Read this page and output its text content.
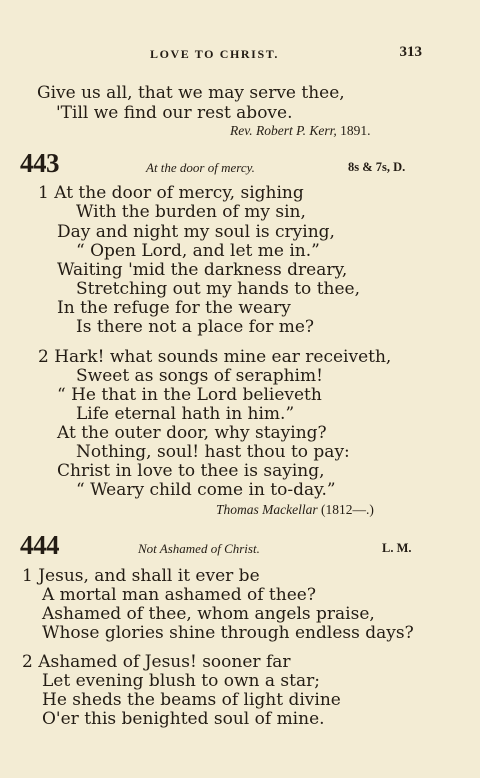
LOVE TO CHRIST.	313
Give us all, that we may serve thee,
'Till we find our rest above.
Rev. Robert P. Kerr, 1891.
443	At the door of mercy.	8s & 7s, D.
1 At the door of mercy, sighing
With the burden of my sin,
Day and night my soul is crying,
“ Open Lord, and let me in.”
Waiting 'mid the darkness dreary,
Stretching out my hands to thee,
In the refuge for the weary
Is there not a place for me?
2 Hark! what sounds mine ear receiveth,
Sweet as songs of seraphim!
“ He that in the Lord believeth
Life eternal hath in him.”
At the outer door, why staying?
Nothing, soul! hast thou to pay:
Christ in love to thee is saying,
“ Weary child come in to-day.”
Thomas Mackellar (1812—.)
444	Not Ashamed of Christ.	L. M.
1 Jesus, and shall it ever be
A mortal man ashamed of thee?
Ashamed of thee, whom angels praise,
Whose glories shine through endless days?
2 Ashamed of Jesus! sooner far
Let evening blush to own a star;
He sheds the beams of light divine
O'er this benighted soul of mine.
